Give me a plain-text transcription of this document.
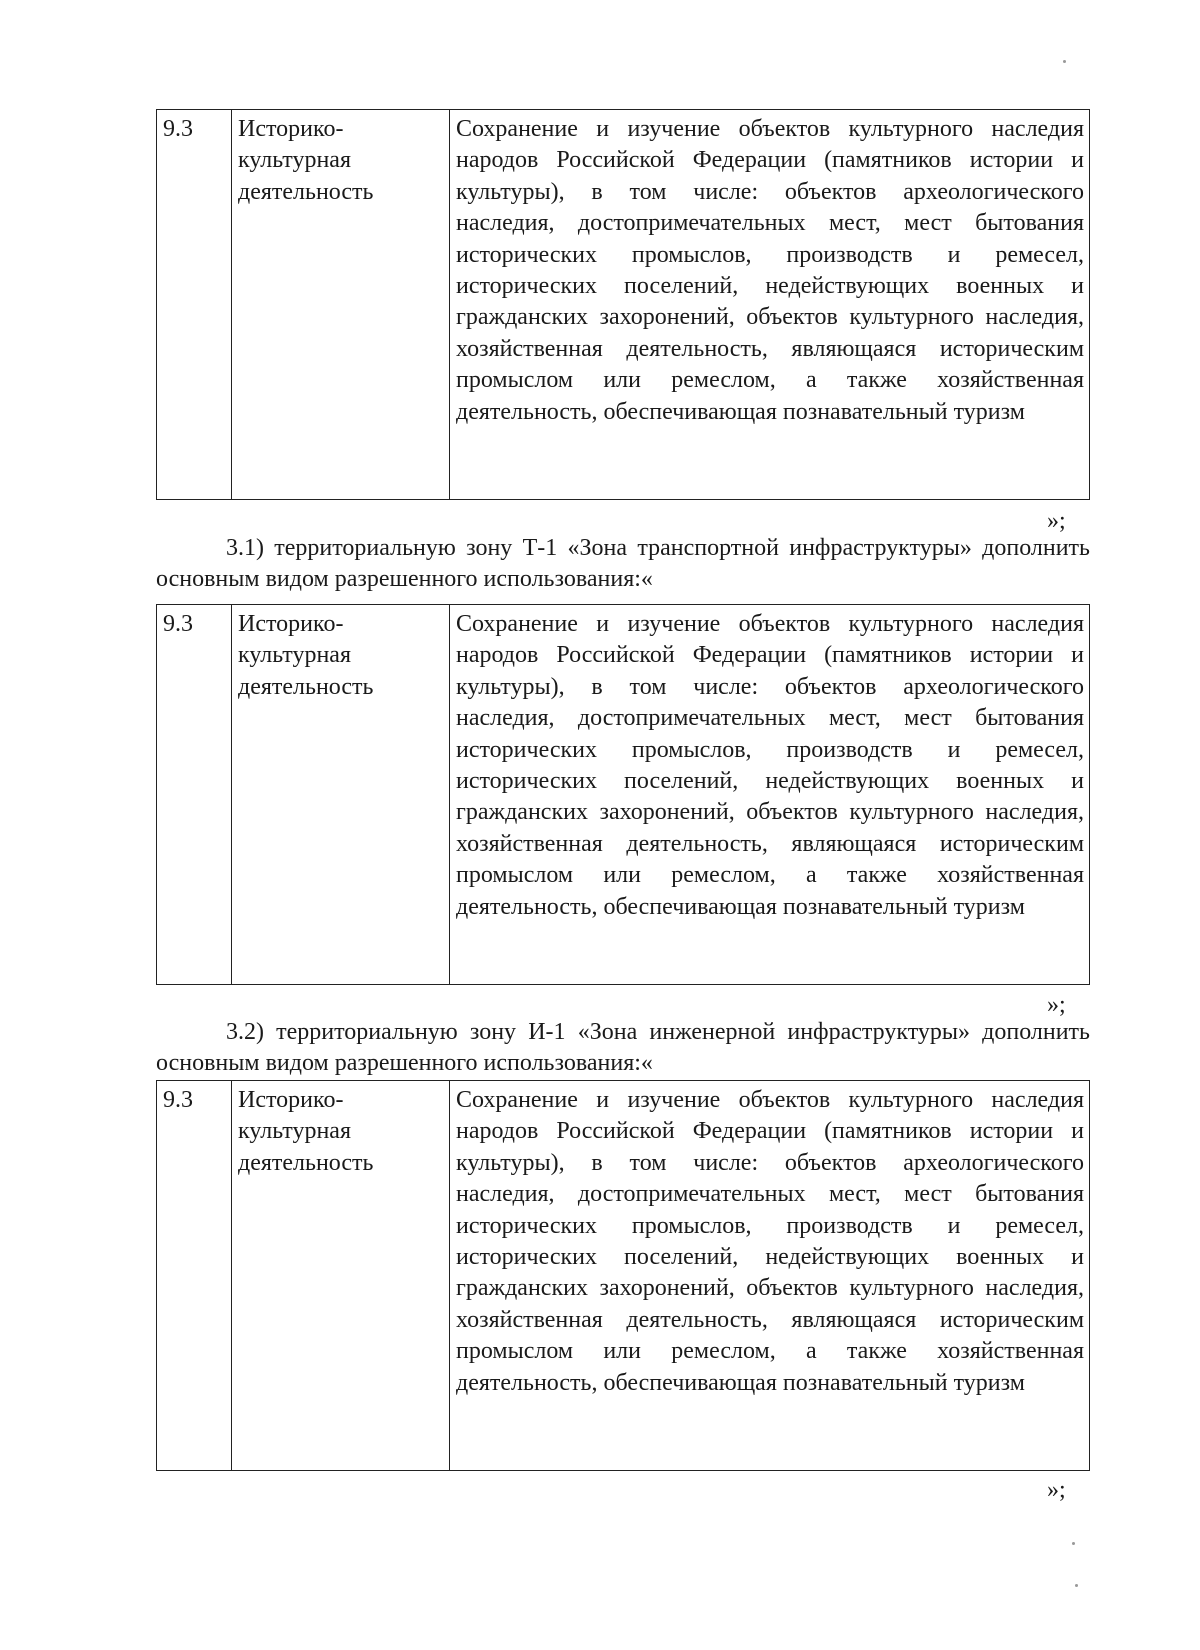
9.3	Историко-культурная деятельность	Сохранение и изучение объектов культурного наследия народов Российской Федерации (памятников истории и культуры), в том числе: объектов археологического наследия, достопримечательных мест, мест бытования исторических промыслов, производств и ремесел, исторических поселений, недействующих военных и гражданских захоронений, объектов культурного наследия, хозяйственная деятельность, являющаяся историческим промыслом или ремеслом, а также хозяйственная деятельность, обеспечивающая познавательный туризм
»;

3.1) территориальную зону Т-1 «Зона транспортной инфраструктуры» дополнить основным видом разрешенного использования:«

9.3	Историко-культурная деятельность	Сохранение и изучение объектов культурного наследия народов Российской Федерации (памятников истории и культуры), в том числе: объектов археологического наследия, достопримечательных мест, мест бытования исторических промыслов, производств и ремесел, исторических поселений, недействующих военных и гражданских захоронений, объектов культурного наследия, хозяйственная деятельность, являющаяся историческим промыслом или ремеслом, а также хозяйственная деятельность, обеспечивающая познавательный туризм
»;

3.2) территориальную зону И-1 «Зона инженерной инфраструктуры» дополнить основным видом разрешенного использования:«

9.3	Историко-культурная деятельность	Сохранение и изучение объектов культурного наследия народов Российской Федерации (памятников истории и культуры), в том числе: объектов археологического наследия, достопримечательных мест, мест бытования исторических промыслов, производств и ремесел, исторических поселений, недействующих военных и гражданских захоронений, объектов культурного наследия, хозяйственная деятельность, являющаяся историческим промыслом или ремеслом, а также хозяйственная деятельность, обеспечивающая познавательный туризм
»;
